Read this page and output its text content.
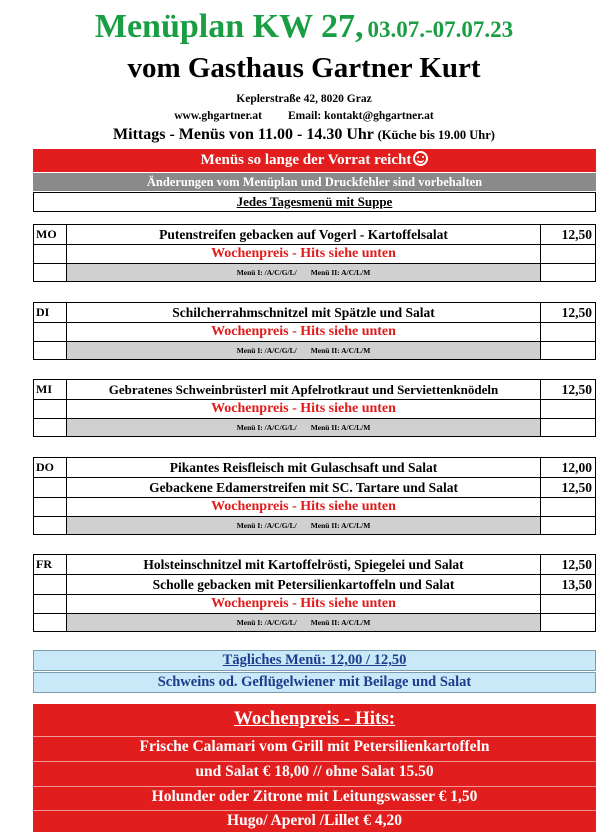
Menüplan KW 27, 03.07.-07.07.23
vom Gasthaus Gartner Kurt
Keplerstraße 42, 8020 Graz
www.ghgartner.at Email: kontakt@ghgartner.at
Mittags - Menüs von 11.00 - 14.30 Uhr (Küche bis 19.00 Uhr)
Menüs so lange der Vorrat reicht
Änderungen vom Menüplan und Druckfehler sind vorbehalten
Jedes Tagesmenü mit Suppe
MO	Putenstreifen gebacken auf Vogerl - Kartoffelsalat	12,50
	Wochenpreis - Hits siehe unten	
	Menü I: /A/C/G/L/ Menü II: A/C/L/M	
DI	Schilcherrahmschnitzel mit Spätzle und Salat	12,50
	Wochenpreis - Hits siehe unten	
	Menü I: /A/C/G/L/ Menü II: A/C/L/M	
MI	Gebratenes Schweinbrüsterl mit Apfelrotkraut und Serviettenknödeln	12,50
	Wochenpreis - Hits siehe unten	
	Menü I: /A/C/G/L/ Menü II: A/C/L/M	
DO	Pikantes Reisfleisch mit Gulaschsaft und Salat	12,00
	Gebackene Edamerstreifen mit SC. Tartare und Salat	12,50
	Wochenpreis - Hits siehe unten	
	Menü I: /A/C/G/L/ Menü II: A/C/L/M	
FR	Holsteinschnitzel mit Kartoffelrösti, Spiegelei und Salat	12,50
	Scholle gebacken mit Petersilienkartoffeln und Salat	13,50
	Wochenpreis - Hits siehe unten	
	Menü I: /A/C/G/L/ Menü II: A/C/L/M	
Tägliches Menü: 12,00 / 12,50
Schweins od. Geflügelwiener mit Beilage und Salat
Wochenpreis - Hits:
Frische Calamari vom Grill mit Petersilienkartoffeln
und Salat € 18,00 // ohne Salat 15.50
Holunder oder Zitrone mit Leitungswasser € 1,50
Hugo/ Aperol /Lillet € 4,20
